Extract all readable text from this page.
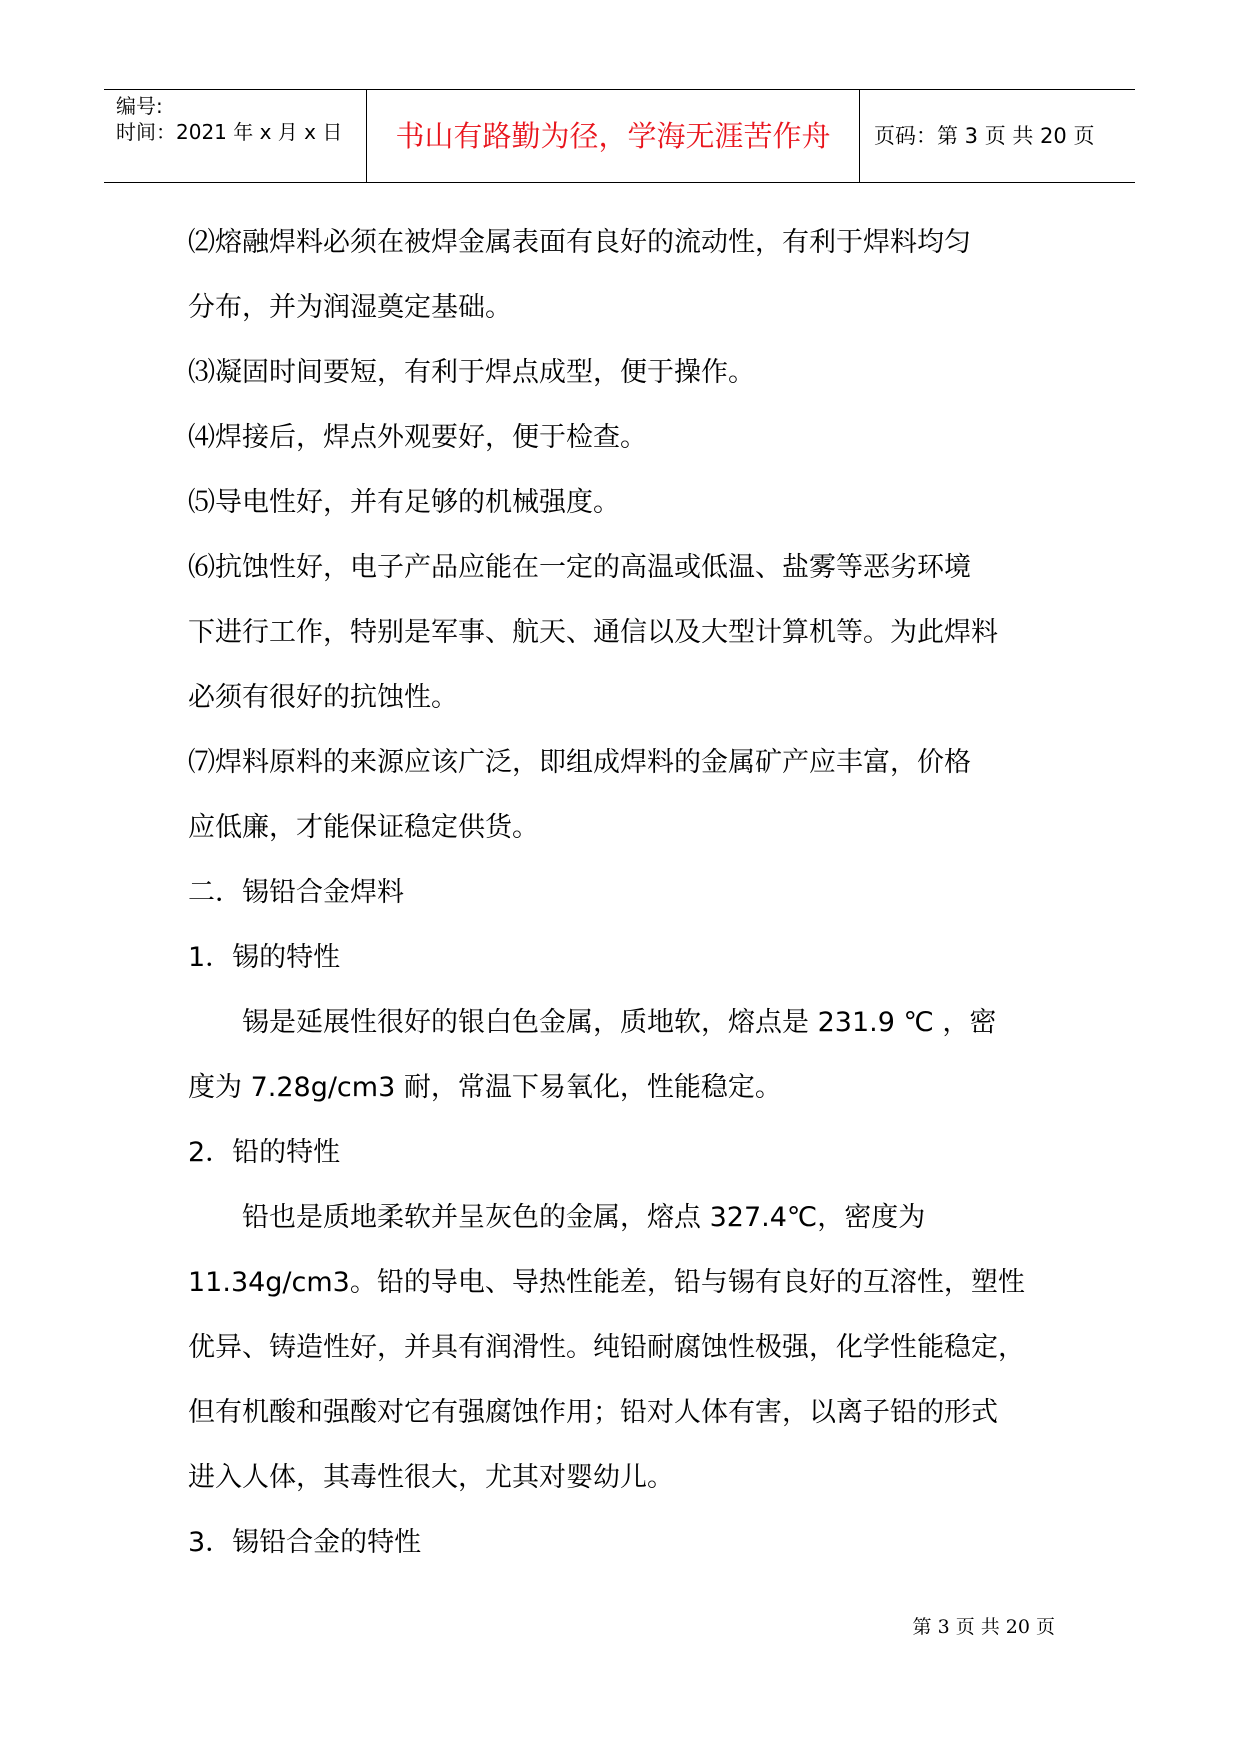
编号:
时间：2021 年 x 月 x 日	书山有路勤为径，学海无涯苦作舟	页码：第 3 页 共 20 页
⑵熔融焊料必须在被焊金属表面有良好的流动性，有利于焊料均匀
分布，并为润湿奠定基础。
⑶凝固时间要短，有利于焊点成型，便于操作。
⑷焊接后，焊点外观要好，便于检查。
⑸导电性好，并有足够的机械强度。
⑹抗蚀性好，电子产品应能在一定的高温或低温、盐雾等恶劣环境
下进行工作，特别是军事、航天、通信以及大型计算机等。为此焊料
必须有很好的抗蚀性。
⑺焊料原料的来源应该广泛，即组成焊料的金属矿产应丰富，价格
应低廉，才能保证稳定供货。
二．锡铅合金焊料
1．锡的特性
锡是延展性很好的银白色金属，质地软，熔点是 231.9 ℃ ，密
度为 7.28g/cm3 耐，常温下易氧化，性能稳定。
2．铅的特性
铅也是质地柔软并呈灰色的金属，熔点 327.4℃，密度为
11.34g/cm3。铅的导电、导热性能差，铅与锡有良好的互溶性，塑性
优异、铸造性好，并具有润滑性。纯铅耐腐蚀性极强，化学性能稳定，
但有机酸和强酸对它有强腐蚀作用；铅对人体有害，以离子铅的形式
进入人体，其毒性很大，尤其对婴幼儿。
3．锡铅合金的特性
第 3 页 共 20 页
